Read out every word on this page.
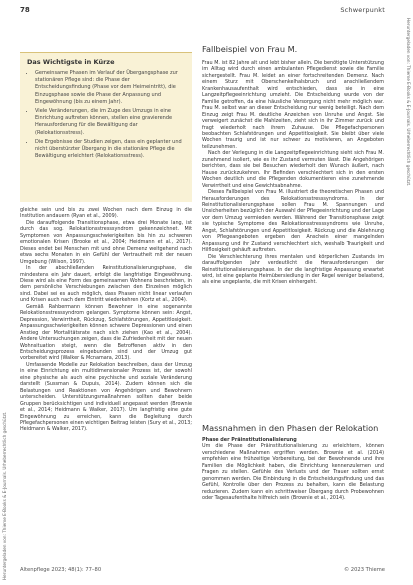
78	Schwerpunkt
Heruntergeladen von: Thieme E-Books & E-Journals. Urheberrechtlich geschützt.
Heruntergeladen von: Thieme E-Books & E-Journals. Urheberrechtlich geschützt.
Das Wichtigste in Kürze
• Gemeinsame Phasen im Verlauf der Übergangsphase zur stationären Pflege sind: die Phase der Entscheidungsfindung (Phase vor dem Heimeintritt), die Einzugsphase sowie die Phase der Anpassung und Eingewöhnung (bis zu einem Jahr).
• Viele Veränderungen, die im Zuge des Umzugs in eine Einrichtung auftreten können, stellen eine gravierende Herausforderung für die Bewältigung dar (Relokationsstress).
• Die Ergebnisse der Studien zeigen, dass ein geplanter und nicht überstürzter Übergang in die stationäre Pflege die Bewältigung erleichtert (Relokationsstress).

gleiche sein und bis zu zwei Wochen nach dem Einzug in die Institution andauern (Ryan et al., 2009).

Die darauffolgende Transitionsphase, etwa drei Monate lang, ist durch das sog. Relokationsstresssyndrom gekennzeichnet. Mit Symptomen von Anpassungsschwierigkeiten bis hin zu schweren emotionalen Krisen (Brooke et al., 2004; Heidmann et al., 2017). Dieses endet bei Menschen mit und ohne Demenz weitgehend nach etwa sechs Monaten in ein Gefühl der Vertrautheit mit der neuen Umgebung (Wilson, 1997).

In der abschließenden Reinstitutionalisierungsphase, die mindestens ein Jahr dauert, erfolgt die langfristige Eingewöhnung. Diese wird als eine Form des gemeinsamen Wohnens beschrieben, in dem persönliche Verschiebungen zwischen den Einzelnen möglich sind. Dabei sei es auch möglich, dass Phasen nicht linear verlaufen und Krisen auch nach dem Eintritt wiederkehren (Kortz et al., 2004).

Gemäß Rahbermann können Bewohner in eine sogenannte Relokationsstresssyndrom gelangen. Symptome können sein: Angst, Depression, Verwirrtheit, Rückzug, Schlafstörungen, Appetitlosigkeit. Anpassungsschwierigkeiten können schwere Depressionen und einen Anstieg der Mortalitätsrate nach sich ziehen (Kao et al., 2004). Andere Untersuchungen zeigen, dass die Zufriedenheit mit der neuen Wohnsituation steigt, wenn die Betroffenen aktiv in den Entscheidungsprozess eingebunden sind und der Umzug gut vorbereitet wird (Walker & Mcnamara, 2013).

Umfassende Modelle zur Relokation beschreiben, dass der Umzug in eine Einrichtung ein multidimensionaler Prozess ist, der sowohl eine physische als auch eine psychische und soziale Veränderung darstellt (Sussman & Dupuis, 2014). Zudem können sich die Belastungen und Reaktionen von Angehörigen und Bewohnern unterscheiden. Unterstützungsmaßnahmen sollten daher beide Gruppen berücksichtigen und individuell angepasst werden (Brownie et al., 2014; Heidmann & Walker, 2017). Um langfristig eine gute Eingewöhnung zu erreichen, kann die Begleitung durch Pflegefachpersonen einen wichtigen Beitrag leisten (Sury et al., 2013; Heidmann & Walker, 2017).

Fallbeispiel von Frau M.

Frau M. ist 82 Jahre alt und lebt bisher allein. Die benötigte Unterstützung im Alltag wird durch einen ambulanten Pflegedienst sowie die Familie sichergestellt. Frau M. leidet an einer fortschreitenden Demenz. Nach einem Sturz mit Oberschenkelhalsbruch und anschließendem Krankenhausaufenthalt wird entschieden, dass sie in eine Langzeitpflegeeinrichtung umzieht. Die Entscheidung wurde von der Familie getroffen, da eine häusliche Versorgung nicht mehr möglich war. Frau M. selbst war an dieser Entscheidung nur wenig beteiligt. Nach dem Einzug zeigt Frau M. deutliche Anzeichen von Unruhe und Angst. Sie verweigert zunächst die Mahlzeiten, zieht sich in ihr Zimmer zurück und fragt wiederholt nach ihrem Zuhause. Die Pflegefachpersonen beobachten Schlafstörungen und Appetitlosigkeit. Sie bleibt über viele Wochen traurig und ist nur schwer zu motivieren, an Angeboten teilzunehmen.

Nach der Verlegung in die Langzeitpflegeeinrichtung sieht sich Frau M. zunehmend isoliert, wie es ihr Zustand vermuten lässt. Die Angehörigen berichten, dass sie bei Besuchen wiederholt den Wunsch äußert, nach Hause zurückzukehren. Ihr Befinden verschlechtert sich in den ersten Wochen deutlich und die Pflegenden dokumentieren eine zunehmende Verwirrtheit und eine Gewichtsabnahme.

Dieses Fallbeispiel von Frau M. illustriert die theoretischen Phasen und Herausforderungen des Relokationsstresssyndroms. In der Reinstitutionalisierungsphase sollen Frau M. Spannungen und Unsicherheiten bezüglich der Auswahl der Pflegeeinrichtung und der Lage vor dem Umzug vermieden werden. Während der Transitionsphase zeigt sie typische Symptome des Relokationsstresssyndroms wie Unruhe, Angst, Schlafstörungen und Appetitlosigkeit. Rückzug und die Ablehnung von Pflegeangeboten ergeben den Anschein einer mangelnden Anpassung und ihr Zustand verschlechtert sich, weshalb Traurigkeit und Hilflosigkeit gehäuft auftreten.

Die Verschlechterung ihres mentalen und körperlichen Zustands im darauffolgenden Jahr verdeutlicht die Herausforderungen der Reinstitutionalisierungsphase. In der die langfristige Anpassung erwartet wird, ist eine geplante Heimübersiedlung in der Regel weniger belastend, als eine ungeplante, die mit Krisen einhergeht.

Massnahmen in den Phasen der Relokation

Phase der Präinstitutionalisierung

Um die Phase der Präinstitutionalisierung zu erleichtern, können verschiedene Maßnahmen ergriffen werden. Brownie et al. (2014) empfehlen eine frühzeitige Vorbereitung, bei der Bewohnende und ihre Familien die Möglichkeit haben, die Einrichtung kennenzulernen und Fragen zu stellen. Gefühle des Verlusts und der Trauer sollten ernst genommen werden. Die Einbindung in die Entscheidungsfindung und das Gefühl, Kontrolle über den Prozess zu behalten, kann die Belastung reduzieren. Zudem kann ein schrittweiser Übergang durch Probewohnen oder Tagesaufenthalte hilfreich sein (Brownie et al., 2014).

Altenpflege 2023; 48(1): 77–80	© 2023 Thieme
